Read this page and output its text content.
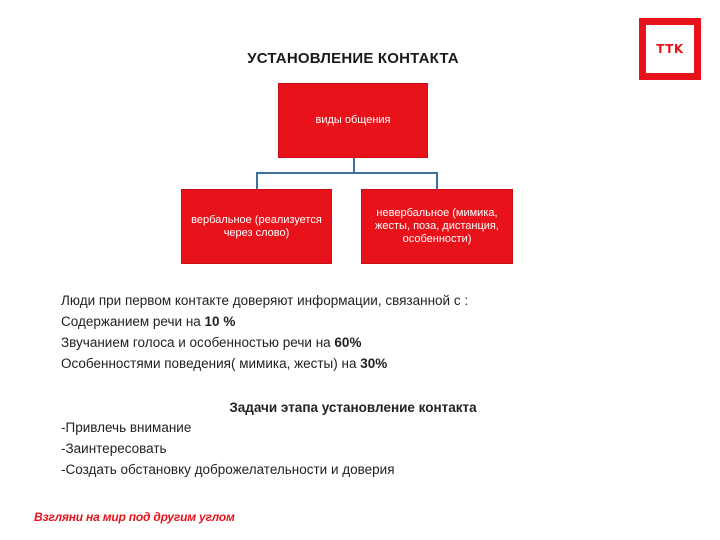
УСТАНОВЛЕНИЕ КОНТАКТА
TTK
виды общения
вербальное (реализуется через слово)
невербальное (мимика, жесты, поза, дистанция, особенности)
Люди при первом контакте доверяют информации, связанной с :
Содержанием речи на 10 %
Звучанием голоса и особенностью речи на 60%
Особенностями поведения( мимика, жесты) на 30%
Задачи этапа установление контакта
-Привлечь внимание
-Заинтересовать
-Создать обстановку доброжелательности и доверия
Взгляни на мир под другим углом
